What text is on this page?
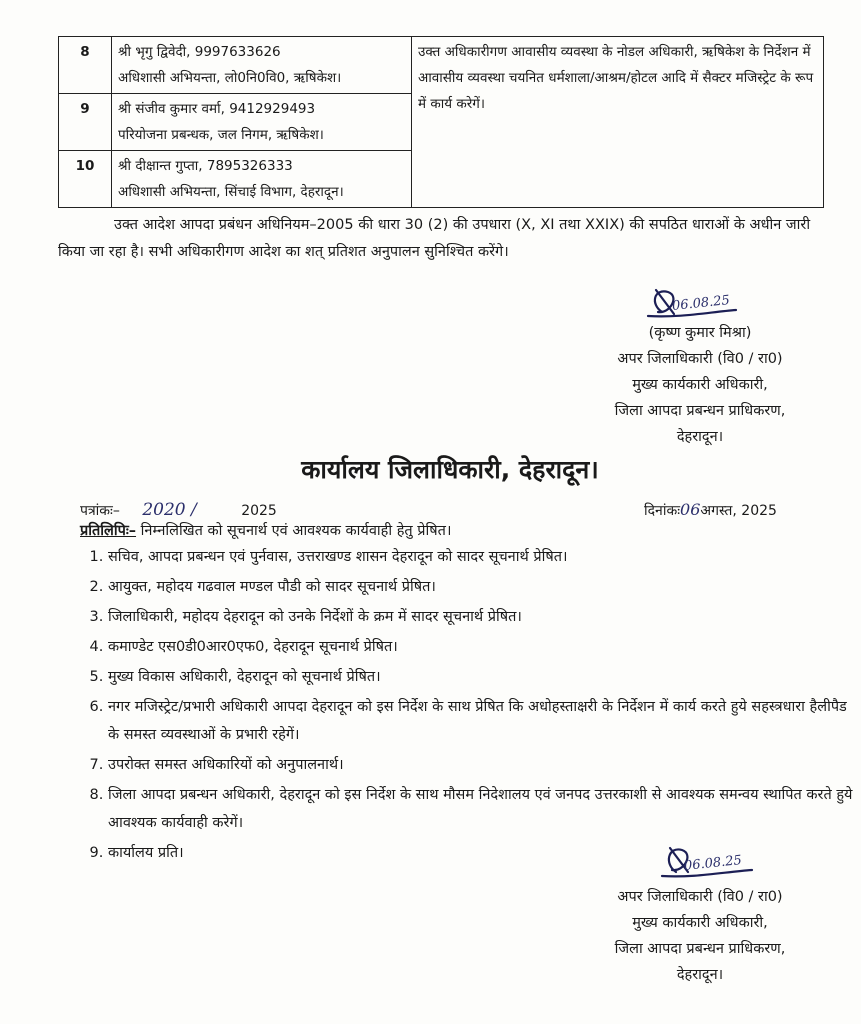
8	श्री भृगु द्विवेदी, 9997633626
अधिशासी अभियन्ता, लो0नि0वि0, ऋषिकेश।	उक्त अधिकारीगण आवासीय व्यवस्था के नोडल अधिकारी, ऋषिकेश के निर्देशन में आवासीय व्यवस्था चयनित धर्मशाला/आश्रम/होटल आदि में सैक्टर मजिस्ट्रेट के रूप में कार्य करेगें।
9	श्री संजीव कुमार वर्मा, 9412929493
परियोजना प्रबन्धक, जल निगम, ऋषिकेश।	

10	श्री दीक्षान्त गुप्ता, 7895326333
अधिशासी अभियन्ता, सिंचाई विभाग, देहरादून।	
उक्त आदेश आपदा प्रबंधन अधिनियम–2005 की धारा 30 (2) की उपधारा (X, XI तथा XXIX) की सपठित धाराओं के अधीन जारी किया जा रहा है। सभी अधिकारीगण आदेश का शत् प्रतिशत अनुपालन सुनिश्चित करेंगे।
06.08.25
(कृष्ण कुमार मिश्रा)
अपर जिलाधिकारी (वि0 / रा0)
मुख्य कार्यकारी अधिकारी,
जिला आपदा प्रबन्धन प्राधिकरण,
देहरादून।
कार्यालय जिलाधिकारी, देहरादून।
पत्रांकः– 2020 /	2025	दिनांकः06अगस्त, 2025
प्रतिलिपिः– निम्नलिखित को सूचनार्थ एवं आवश्यक कार्यवाही हेतु प्रेषित।
1. सचिव, आपदा प्रबन्धन एवं पुर्नवास, उत्तराखण्ड शासन देहरादून को सादर सूचनार्थ प्रेषित।
2. आयुक्त, महोदय गढवाल मण्डल पौडी को सादर सूचनार्थ प्रेषित।
3. जिलाधिकारी, महोदय देहरादून को उनके निर्देशों के क्रम में सादर सूचनार्थ प्रेषित।
4. कमाण्डेट एस0डी0आर0एफ0, देहरादून सूचनार्थ प्रेषित।
5. मुख्य विकास अधिकारी, देहरादून को सूचनार्थ प्रेषित।
6. नगर मजिस्ट्रेट/प्रभारी अधिकारी आपदा देहरादून को इस निर्देश के साथ प्रेषित कि अधोहस्ताक्षरी के निर्देशन में कार्य करते हुये सहस्त्रधारा हैलीपैड के समस्त व्यवस्थाओं के प्रभारी रहेगें।
7. उपरोक्त समस्त अधिकारियों को अनुपालनार्थ।
8. जिला आपदा प्रबन्धन अधिकारी, देहरादून को इस निर्देश के साथ मौसम निदेशालय एवं जनपद उत्तरकाशी से आवश्यक समन्वय स्थापित करते हुये आवश्यक कार्यवाही करेगें।
9. कार्यालय प्रति।
06.08.25
अपर जिलाधिकारी (वि0 / रा0)
मुख्य कार्यकारी अधिकारी,
जिला आपदा प्रबन्धन प्राधिकरण,
देहरादून।
